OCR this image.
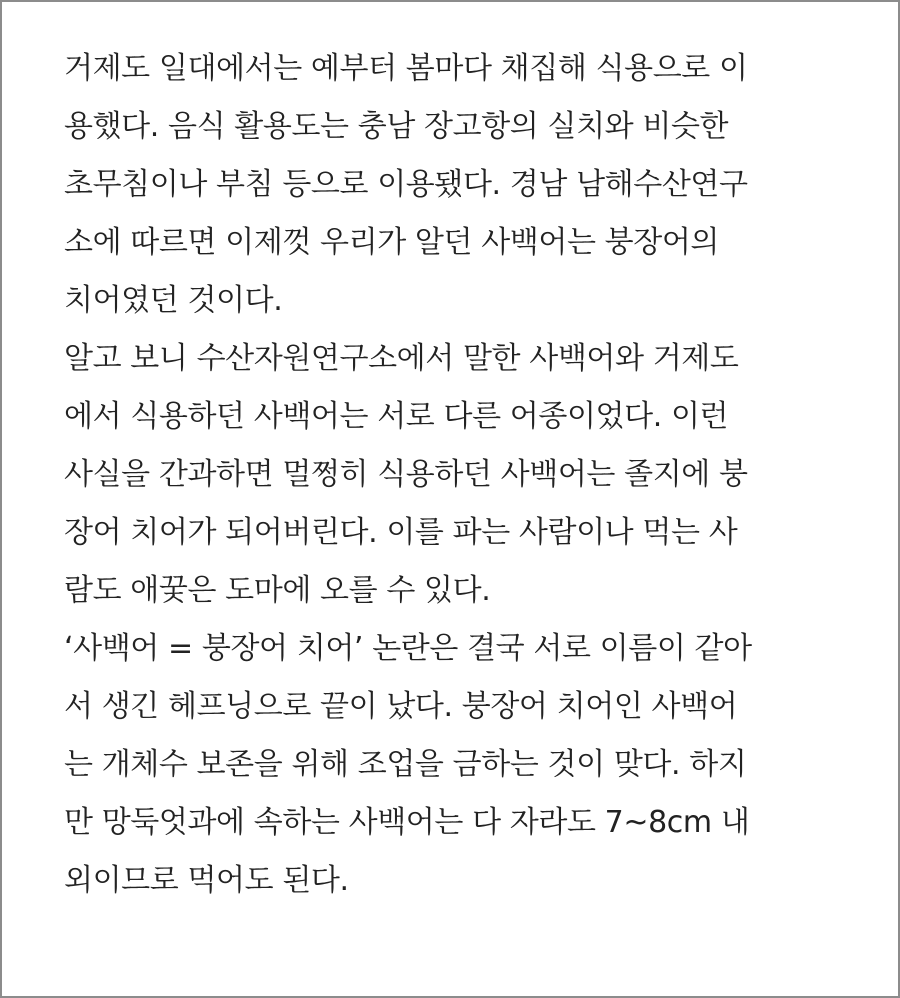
거제도 일대에서는 예부터 봄마다 채집해 식용으로 이
용했다. 음식 활용도는 충남 장고항의 실치와 비슷한
초무침이나 부침 등으로 이용됐다. 경남 남해수산연구
소에 따르면 이제껏 우리가 알던 사백어는 붕장어의
치어였던 것이다.
알고 보니 수산자원연구소에서 말한 사백어와 거제도
에서 식용하던 사백어는 서로 다른 어종이었다. 이런
사실을 간과하면 멀쩡히 식용하던 사백어는 졸지에 붕
장어 치어가 되어버린다. 이를 파는 사람이나 먹는 사
람도 애꿎은 도마에 오를 수 있다.
‘사백어 = 붕장어 치어’ 논란은 결국 서로 이름이 같아
서 생긴 헤프닝으로 끝이 났다. 붕장어 치어인 사백어
는 개체수 보존을 위해 조업을 금하는 것이 맞다. 하지
만 망둑엇과에 속하는 사백어는 다 자라도 7~8cm 내
외이므로 먹어도 된다.
